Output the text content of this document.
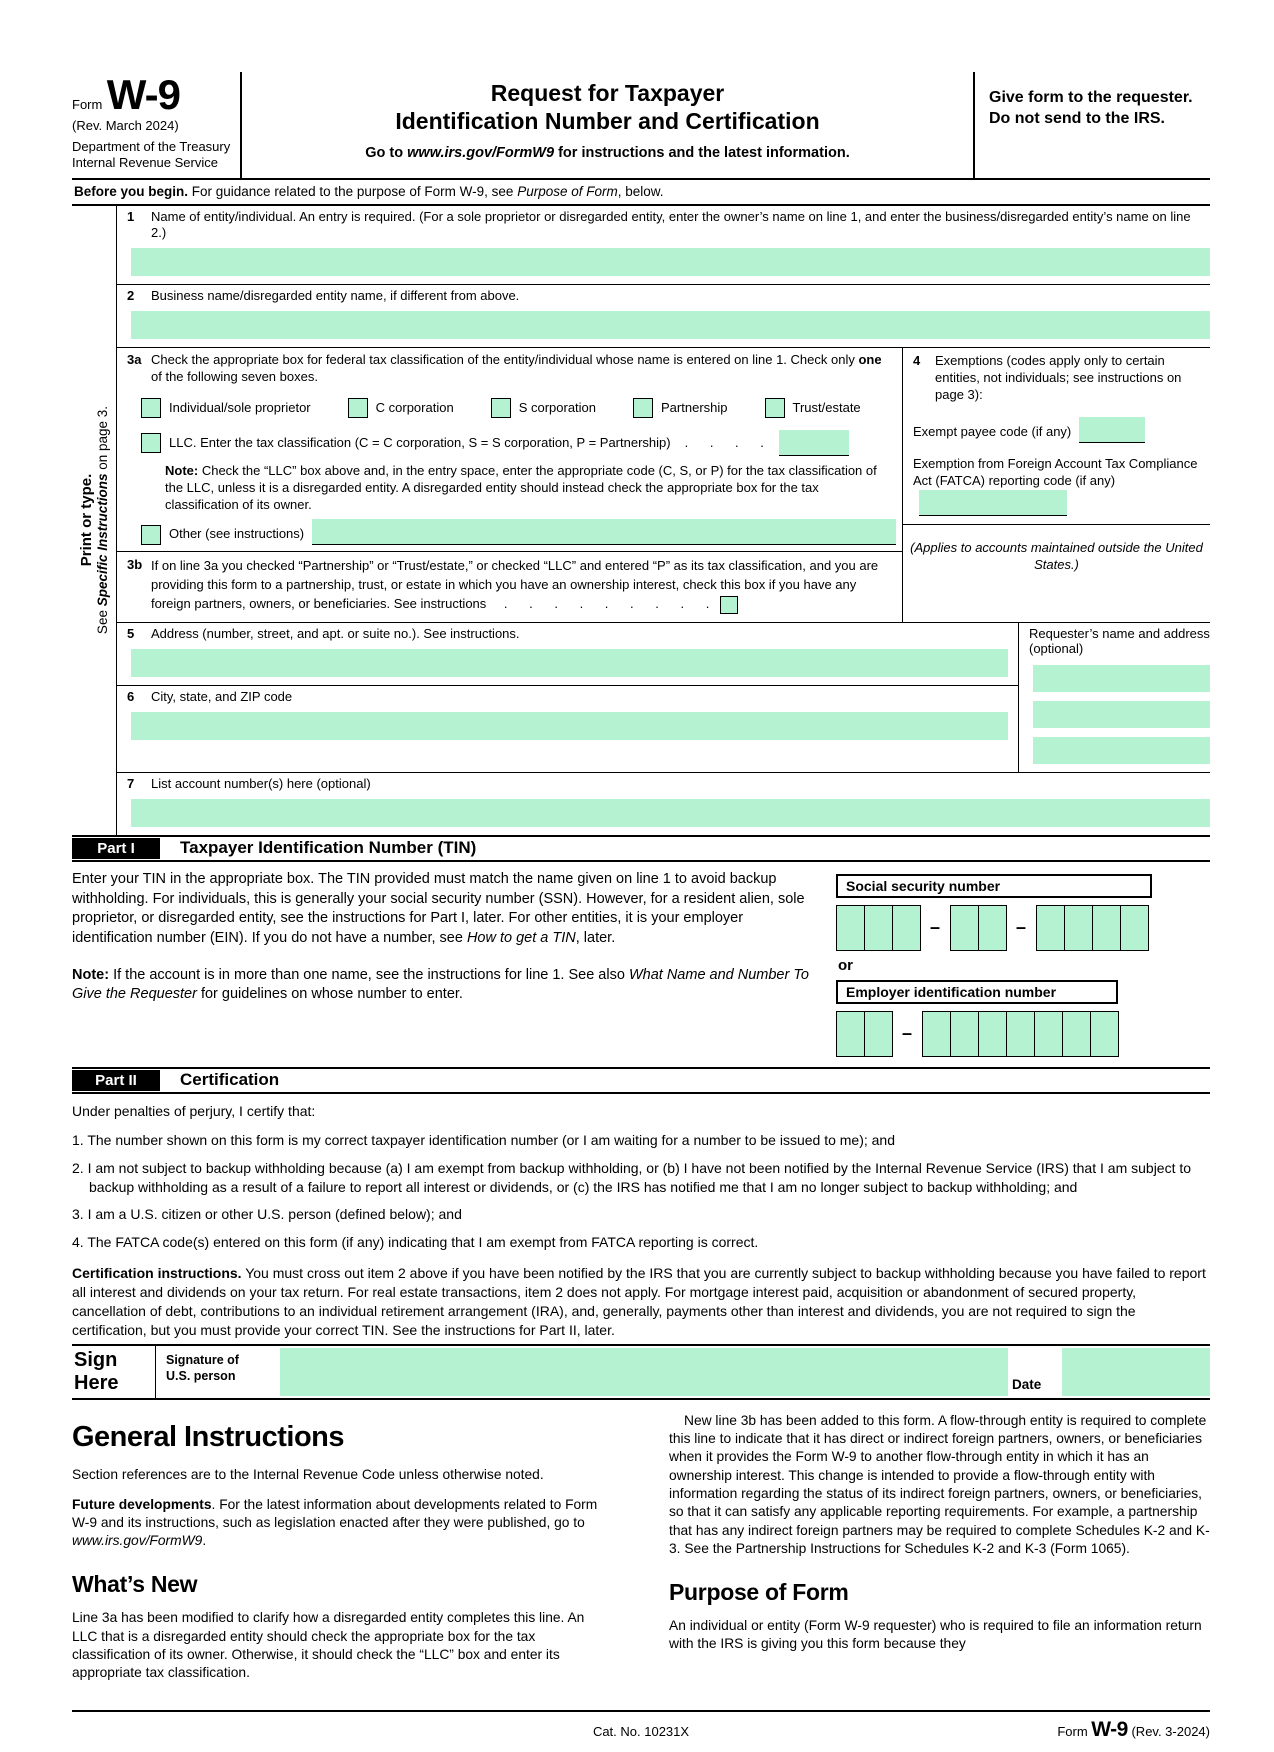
Form W-9
(Rev. March 2024)
Department of the Treasury
Internal Revenue Service
Request for Taxpayer
Identification Number and Certification
Go to www.irs.gov/FormW9 for instructions and the latest information.
Give form to the requester. Do not send to the IRS.
Before you begin. For guidance related to the purpose of Form W-9, see Purpose of Form, below.
Print or type.
See Specific Instructions on page 3.
1	Name of entity/individual. An entry is required. (For a sole proprietor or disregarded entity, enter the owner’s name on line 1, and enter the business/disregarded entity’s name on line 2.)
2	Business name/disregarded entity name, if different from above.
3a Check the appropriate box for federal tax classification of the entity/individual whose name is entered on line 1. Check only one of the following seven boxes.
Individual/sole proprietor	C corporation	S corporation	Partnership	Trust/estate
LLC. Enter the tax classification (C = C corporation, S = S corporation, P = Partnership) . . . .
Note: Check the “LLC” box above and, in the entry space, enter the appropriate code (C, S, or P) for the tax classification of the LLC, unless it is a disregarded entity. A disregarded entity should instead check the appropriate box for the tax classification of its owner.
Other (see instructions)
3b If on line 3a you checked “Partnership” or “Trust/estate,” or checked “LLC” and entered “P” as its tax classification, and you are providing this form to a partnership, trust, or estate in which you have an ownership interest, check this box if you have any foreign partners, owners, or beneficiaries. See instructions . . . . . . . . .
4	Exemptions (codes apply only to certain entities, not individuals; see instructions on page 3):
Exempt payee code (if any)
Exemption from Foreign Account Tax Compliance Act (FATCA) reporting code (if any)
(Applies to accounts maintained outside the United States.)
5	Address (number, street, and apt. or suite no.). See instructions.
6	City, state, and ZIP code
Requester’s name and address (optional)
7	List account number(s) here (optional)
Part I	Taxpayer Identification Number (TIN)
Enter your TIN in the appropriate box. The TIN provided must match the name given on line 1 to avoid backup withholding. For individuals, this is generally your social security number (SSN). However, for a resident alien, sole proprietor, or disregarded entity, see the instructions for Part I, later. For other entities, it is your employer identification number (EIN). If you do not have a number, see How to get a TIN, later.
Note: If the account is in more than one name, see the instructions for line 1. See also What Name and Number To Give the Requester for guidelines on whose number to enter.
Social security number
–	–
or
Employer identification number
–
Part II	Certification
Under penalties of perjury, I certify that:
1. The number shown on this form is my correct taxpayer identification number (or I am waiting for a number to be issued to me); and
2. I am not subject to backup withholding because (a) I am exempt from backup withholding, or (b) I have not been notified by the Internal Revenue Service (IRS) that I am subject to backup withholding as a result of a failure to report all interest or dividends, or (c) the IRS has notified me that I am no longer subject to backup withholding; and
3. I am a U.S. citizen or other U.S. person (defined below); and
4. The FATCA code(s) entered on this form (if any) indicating that I am exempt from FATCA reporting is correct.
Certification instructions. You must cross out item 2 above if you have been notified by the IRS that you are currently subject to backup withholding because you have failed to report all interest and dividends on your tax return. For real estate transactions, item 2 does not apply. For mortgage interest paid, acquisition or abandonment of secured property, cancellation of debt, contributions to an individual retirement arrangement (IRA), and, generally, payments other than interest and dividends, you are not required to sign the certification, but you must provide your correct TIN. See the instructions for Part II, later.
Sign
Here
Signature of
U.S. person
Date
General Instructions

Section references are to the Internal Revenue Code unless otherwise noted.

Future developments. For the latest information about developments related to Form W-9 and its instructions, such as legislation enacted after they were published, go to www.irs.gov/FormW9.

What’s New

Line 3a has been modified to clarify how a disregarded entity completes this line. An LLC that is a disregarded entity should check the appropriate box for the tax classification of its owner. Otherwise, it should check the “LLC” box and enter its appropriate tax classification.

New line 3b has been added to this form. A flow-through entity is required to complete this line to indicate that it has direct or indirect foreign partners, owners, or beneficiaries when it provides the Form W-9 to another flow-through entity in which it has an ownership interest. This change is intended to provide a flow-through entity with information regarding the status of its indirect foreign partners, owners, or beneficiaries, so that it can satisfy any applicable reporting requirements. For example, a partnership that has any indirect foreign partners may be required to complete Schedules K-2 and K-3. See the Partnership Instructions for Schedules K-2 and K-3 (Form 1065).

Purpose of Form

An individual or entity (Form W-9 requester) who is required to file an information return with the IRS is giving you this form because they

Cat. No. 10231X	Form W-9 (Rev. 3-2024)
